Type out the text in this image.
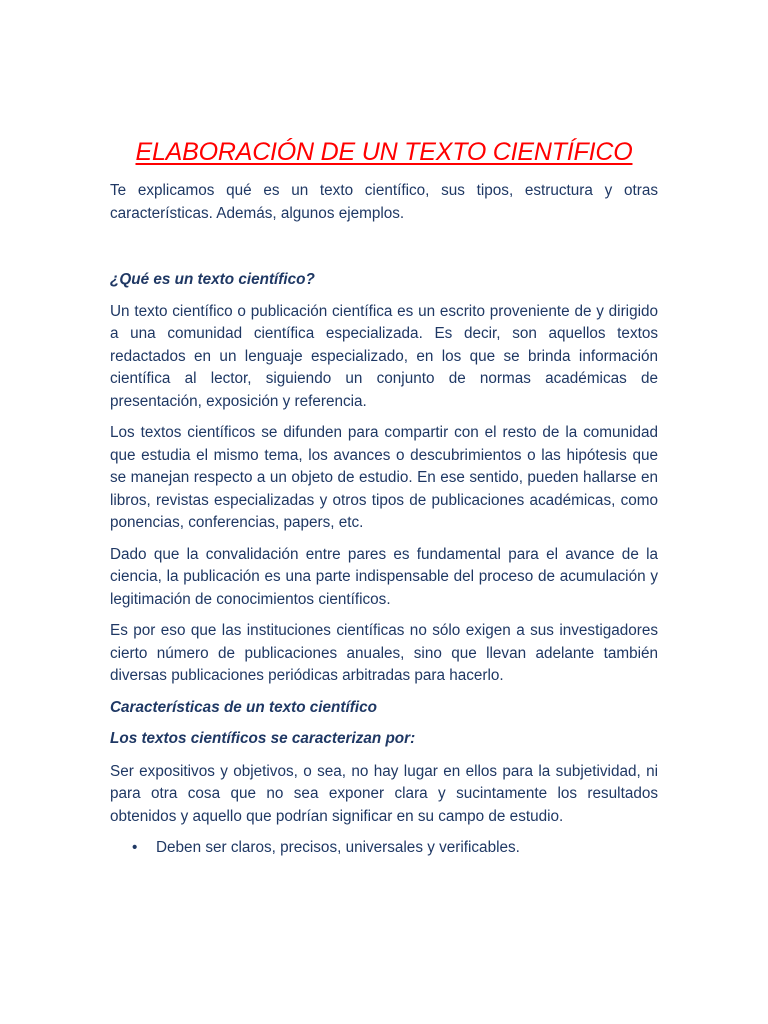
ELABORACIÓN DE UN TEXTO CIENTÍFICO

Te explicamos qué es un texto científico, sus tipos, estructura y otras características. Además, algunos ejemplos.

¿Qué es un texto científico?

Un texto científico o publicación científica es un escrito proveniente de y dirigido a una comunidad científica especializada. Es decir, son aquellos textos redactados en un lenguaje especializado, en los que se brinda información científica al lector, siguiendo un conjunto de normas académicas de presentación, exposición y referencia.

Los textos científicos se difunden para compartir con el resto de la comunidad que estudia el mismo tema, los avances o descubrimientos o las hipótesis que se manejan respecto a un objeto de estudio. En ese sentido, pueden hallarse en libros, revistas especializadas y otros tipos de publicaciones académicas, como ponencias, conferencias, papers, etc.

Dado que la convalidación entre pares es fundamental para el avance de la ciencia, la publicación es una parte indispensable del proceso de acumulación y legitimación de conocimientos científicos.

Es por eso que las instituciones científicas no sólo exigen a sus investigadores cierto número de publicaciones anuales, sino que llevan adelante también diversas publicaciones periódicas arbitradas para hacerlo.

Características de un texto científico

Los textos científicos se caracterizan por:

Ser expositivos y objetivos, o sea, no hay lugar en ellos para la subjetividad, ni para otra cosa que no sea exponer clara y sucintamente los resultados obtenidos y aquello que podrían significar en su campo de estudio.

• Deben ser claros, precisos, universales y verificables.
